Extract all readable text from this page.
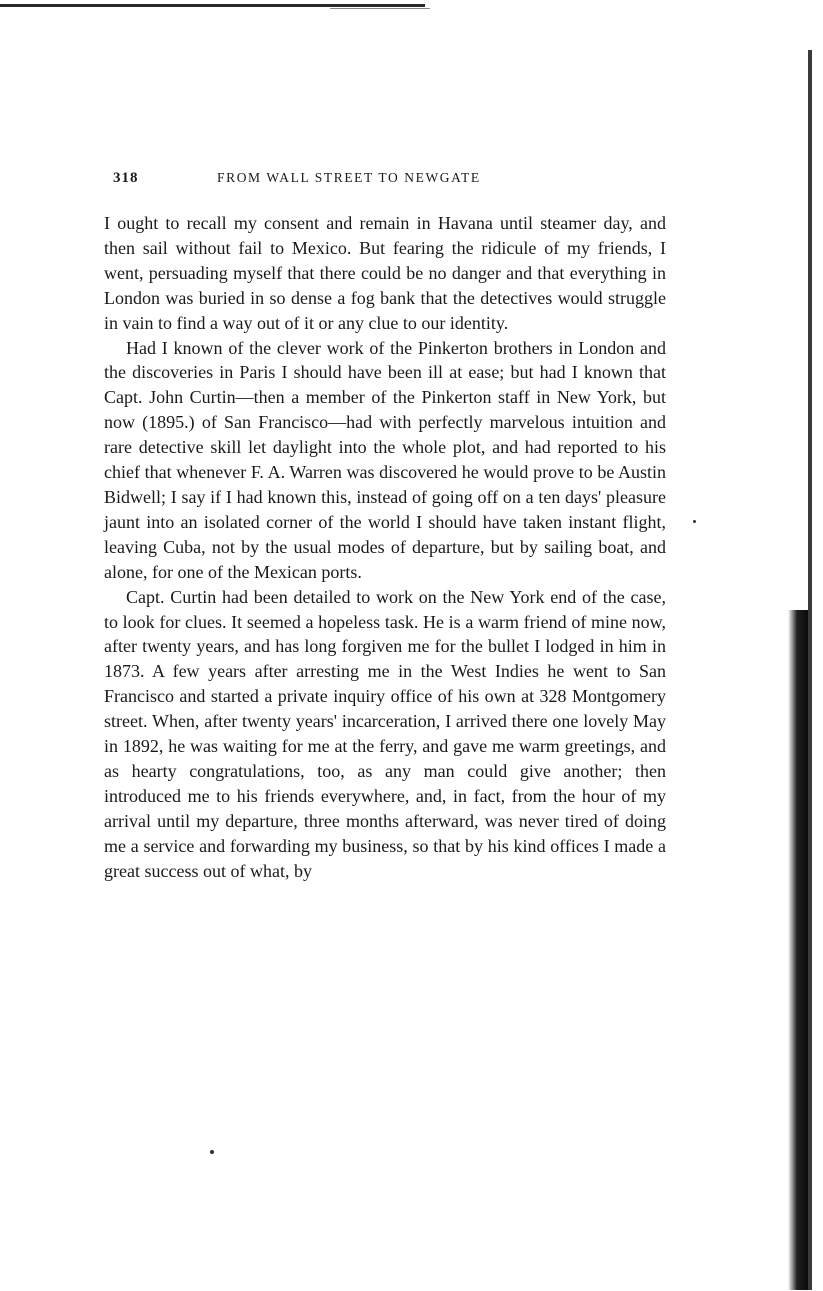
318	FROM WALL STREET TO NEWGATE

I ought to recall my consent and remain in Havana until steamer day, and then sail without fail to Mexico. But fearing the ridicule of my friends, I went, persuading myself that there could be no danger and that everything in London was buried in so dense a fog bank that the detectives would struggle in vain to find a way out of it or any clue to our identity.

Had I known of the clever work of the Pinkerton brothers in London and the discoveries in Paris I should have been ill at ease; but had I known that Capt. John Curtin—then a member of the Pinkerton staff in New York, but now (1895.) of San Francisco—had with perfectly marvelous intuition and rare detective skill let daylight into the whole plot, and had reported to his chief that whenever F. A. Warren was discovered he would prove to be Austin Bidwell; I say if I had known this, instead of going off on a ten days' pleasure jaunt into an isolated corner of the world I should have taken instant flight, leaving Cuba, not by the usual modes of departure, but by sailing boat, and alone, for one of the Mexican ports.

Capt. Curtin had been detailed to work on the New York end of the case, to look for clues. It seemed a hopeless task. He is a warm friend of mine now, after twenty years, and has long forgiven me for the bullet I lodged in him in 1873. A few years after arresting me in the West Indies he went to San Francisco and started a private inquiry office of his own at 328 Montgomery street. When, after twenty years' incarceration, I arrived there one lovely May in 1892, he was waiting for me at the ferry, and gave me warm greetings, and as hearty congratulations, too, as any man could give another; then introduced me to his friends everywhere, and, in fact, from the hour of my arrival until my departure, three months afterward, was never tired of doing me a service and forwarding my business, so that by his kind offices I made a great success out of what, by
